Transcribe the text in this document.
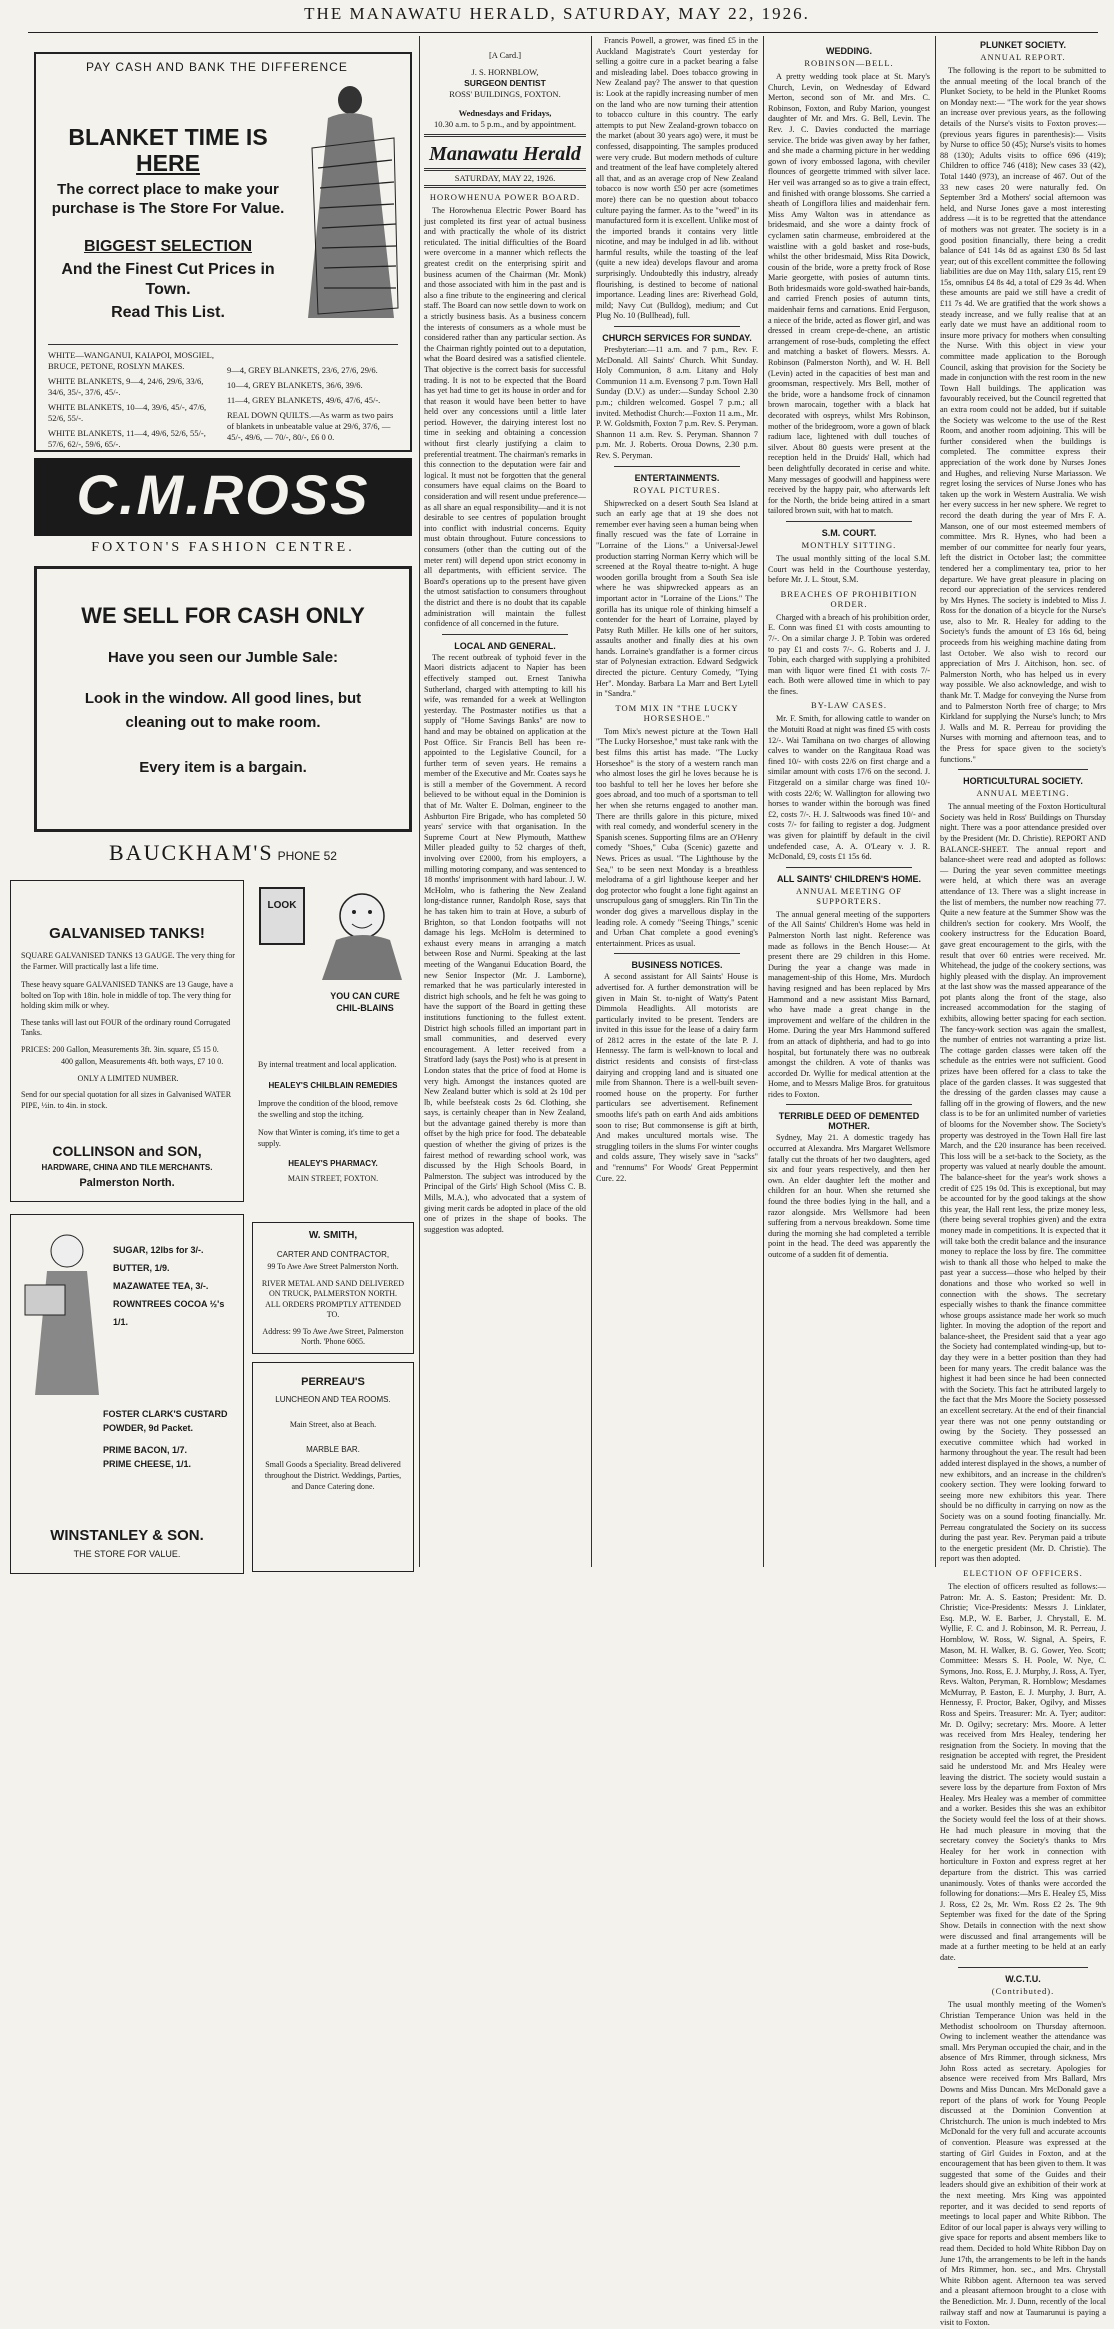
THE MANAWATU HERALD, SATURDAY, MAY 22, 1926.
PAY CASH AND BANK THE DIFFERENCE
BLANKET TIME IS
HERE
The correct place to make your purchase is The Store For Value.
BIGGEST SELECTION
And the Finest Cut Prices in Town.
Read This List.
WHITE—WANGANUI, KAIAPOI, MOSGIEL, BRUCE, PETONE, ROSLYN MAKES.
WHITE BLANKETS, 9—4, 24/6, 29/6, 33/6, 34/6, 35/-, 37/6, 45/-.
WHITE BLANKETS, 10—4, 39/6, 45/-, 47/6, 52/6, 55/-.
WHITE BLANKETS, 11—4, 49/6, 52/6, 55/-, 57/6, 62/-, 59/6, 65/-.
9—4, GREY BLANKETS, 23/6, 27/6, 29/6.
10—4, GREY BLANKETS, 36/6, 39/6.
11—4, GREY BLANKETS, 49/6, 47/6, 45/-.
REAL DOWN QUILTS.—As warm as two pairs of blankets in unbeatable value at 29/6, 37/6, — 45/-, 49/6, — 70/-, 80/-, £6 0 0.
C.M.ROSS Co
FOXTON'S FASHION CENTRE.
WE SELL FOR CASH ONLY
Have you seen our Jumble Sale:
Look in the window. All good lines, but cleaning out to make room.
Every item is a bargain.
BAUCKHAM'S PHONE 52
GALVANISED TANKS!
SQUARE GALVANISED TANKS 13 GAUGE. The very thing for the Farmer. Will practically last a life time.
These heavy square GALVANISED TANKS are 13 Gauge, have a bolted on Top with 18in. hole in middle of top. The very thing for holding skim milk or whey.
These tanks will last out FOUR of the ordinary round Corrugated Tanks.
PRICES: 200 Gallon, Measurements 3ft. 3in. square, £5 15 0.
400 gallon, Measurements 4ft. both ways, £7 10 0.
ONLY A LIMITED NUMBER.
Send for our special quotation for all sizes in Galvanised WATER PIPE, ½in. to 4in. in stock.
COLLINSON and SON,
HARDWARE, CHINA AND TILE MERCHANTS.
Palmerston North.
LOOK
YOU CAN CURE CHIL-BLAINS
By internal treatment and local application.
HEALEY'S CHILBLAIN REMEDIES
Improve the condition of the blood, remove the swelling and stop the itching.
Now that Winter is coming, it's time to get a supply.
HEALEY'S PHARMACY.
MAIN STREET, FOXTON.
SUGAR, 12lbs for 3/-.
BUTTER, 1/9.
MAZAWATEE TEA, 3/-.
ROWNTREES COCOA ½'s 1/1.
FOSTER CLARK'S CUSTARD POWDER, 9d Packet.
PRIME BACON, 1/7.
PRIME CHEESE, 1/1.
WINSTANLEY & SON.
THE STORE FOR VALUE.
W. SMITH,
CARTER AND CONTRACTOR,
99 To Awe Awe Street Palmerston North.
RIVER METAL AND SAND DELIVERED ON TRUCK, PALMERSTON NORTH. ALL ORDERS PROMPTLY ATTENDED TO.
Address: 99 To Awe Awe Street, Palmerston North. 'Phone 6065.
PERREAU'S
LUNCHEON AND TEA ROOMS.
Main Street, also at Beach.
MARBLE BAR.
Small Goods a Speciality. Bread delivered throughout the District. Weddings, Parties, and Dance Catering done.
[A Card.]
J. S. HORNBLOW,
SURGEON DENTIST
ROSS' BUILDINGS, FOXTON.
Wednesdays and Fridays,
10.30 a.m. to 5 p.m., and by appointment.
Manawatu Herald
SATURDAY, MAY 22, 1926.
HOROWHENUA POWER BOARD.

The Horowhenua Electric Power Board has just completed its first year of actual business and with practically the whole of its district reticulated. The initial difficulties of the Board were overcome in a manner which reflects the greatest credit on the enterprising spirit and business acumen of the Chairman (Mr. Monk) and those associated with him in the past and is also a fine tribute to the engineering and clerical staff. The Board can now settle down to work on a strictly business basis. As a business concern the interests of consumers as a whole must be considered rather than any particular section. As the Chairman rightly pointed out to a deputation, what the Board desired was a satisfied clientele. That objective is the correct basis for successful trading. It is not to be expected that the Board has yet had time to get its house in order and for that reason it would have been better to have held over any concessions until a little later period. However, the dairying interest lost no time in seeking and obtaining a concession without first clearly justifying a claim to preferential treatment. The chairman's remarks in this connection to the deputation were fair and logical. It must not be forgotten that the general consumers have equal claims on the Board to consideration and will resent undue preference—as all share an equal responsibility—and it is not desirable to see centres of population brought into conflict with industrial concerns. Equity must obtain throughout. Future concessions to consumers (other than the cutting out of the meter rent) will depend upon strict economy in all departments, with efficient service. The Board's operations up to the present have given the utmost satisfaction to consumers throughout the district and there is no doubt that its capable administration will maintain the fullest confidence of all concerned in the future.

LOCAL AND GENERAL.

The recent outbreak of typhoid fever in the Maori districts adjacent to Napier has been effectively stamped out. Ernest Taniwha Sutherland, charged with attempting to kill his wife, was remanded for a week at Wellington yesterday. The Postmaster notifies us that a supply of "Home Savings Banks" are now to hand and may be obtained on application at the Post Office. Sir Francis Bell has been re-appointed to the Legislative Council, for a further term of seven years. He remains a member of the Executive and Mr. Coates says he is still a member of the Government. A record believed to be without equal in the Dominion is that of Mr. Walter E. Dolman, engineer to the Ashburton Fire Brigade, who has completed 50 years' service with that organisation. In the Supreme Court at New Plymouth, Matthew Miller pleaded guilty to 52 charges of theft, involving over £2000, from his employers, a milling motoring company, and was sentenced to 18 months' imprisonment with hard labour. J. W. McHolm, who is fathering the New Zealand long-distance runner, Randolph Rose, says that he has taken him to train at Hove, a suburb of Brighton, so that London footpaths will not damage his legs. McHolm is determined to exhaust every means in arranging a match between Rose and Nurmi. Speaking at the last meeting of the Wanganui Education Board, the new Senior Inspector (Mr. J. Lamborne), remarked that he was particularly interested in district high schools, and he felt he was going to have the support of the Board in getting these institutions functioning to the fullest extent. District high schools filled an important part in small communities, and deserved every encouragement. A letter received from a Stratford lady (says the Post) who is at present in London states that the price of food at Home is very high. Amongst the instances quoted are New Zealand butter which is sold at 2s 10d per lb, while beefsteak costs 2s 6d. Clothing, she says, is certainly cheaper than in New Zealand, but the advantage gained thereby is more than offset by the high price for food. The debateable question of whether the giving of prizes is the fairest method of rewarding school work, was discussed by the High Schools Board, in Palmerston. The subject was introduced by the Principal of the Girls' High School (Miss C. B. Mills, M.A.), who advocated that a system of giving merit cards be adopted in place of the old one of prizes in the shape of books. The suggestion was adopted.

Francis Powell, a grower, was fined £5 in the Auckland Magistrate's Court yesterday for selling a goitre cure in a packet bearing a false and misleading label. Does tobacco growing in New Zealand pay? The answer to that question is: Look at the rapidly increasing number of men on the land who are now turning their attention to tobacco culture in this country. The early attempts to put New Zealand-grown tobacco on the market (about 30 years ago) were, it must be confessed, disappointing. The samples produced were very crude. But modern methods of culture and treatment of the leaf have completely altered all that, and as an average crop of New Zealand tobacco is now worth £50 per acre (sometimes more) there can be no question about tobacco culture paying the farmer. As to the "weed" in its manufactured form it is excellent. Unlike most of the imported brands it contains very little nicotine, and may be indulged in ad lib. without harmful results, while the toasting of the leaf (quite a new idea) develops flavour and aroma surprisingly. Undoubtedly this industry, already flourishing, is destined to become of national importance. Leading lines are: Riverhead Gold, mild; Navy Cut (Bulldog), medium; and Cut Plug No. 10 (Bullhead), full.

CHURCH SERVICES FOR SUNDAY.

Presbyterian:—11 a.m. and 7 p.m., Rev. F. McDonald. All Saints' Church. Whit Sunday. Holy Communion, 8 a.m. Litany and Holy Communion 11 a.m. Evensong 7 p.m. Town Hall Sunday (D.V.) as under:—Sunday School 2.30 p.m.; children welcomed. Gospel 7 p.m.; all invited. Methodist Church:—Foxton 11 a.m., Mr. P. W. Goldsmith, Foxton 7 p.m. Rev. S. Peryman. Shannon 11 a.m. Rev. S. Peryman. Shannon 7 p.m. Mr. J. Roberts. Oroua Downs, 2.30 p.m. Rev. S. Peryman.

ENTERTAINMENTS.
ROYAL PICTURES.

Shipwrecked on a desert South Sea Island at such an early age that at 19 she does not remember ever having seen a human being when finally rescued was the fate of Lorraine in "Lorraine of the Lions." a Universal-Jewel production starring Norman Kerry which will be screened at the Royal theatre to-night. A huge wooden gorilla brought from a South Sea isle where he was shipwrecked appears as an important actor in "Lorraine of the Lions." The gorilla has its unique role of thinking himself a contender for the heart of Lorraine, played by Patsy Ruth Miller. He kills one of her suitors, assaults another and finally dies at his own hands. Lorraine's grandfather is a former circus star of Polynesian extraction. Edward Sedgwick directed the picture. Century Comedy, "Tying Her". Monday. Barbara La Marr and Bert Lytell in "Sandra."

TOM MIX IN "THE LUCKY HORSESHOE."

Tom Mix's newest picture at the Town Hall "The Lucky Horseshoe," must take rank with the best films this artist has made. "The Lucky Horseshoe" is the story of a western ranch man who almost loses the girl he loves because he is too bashful to tell her he loves her before she goes abroad, and too much of a sportsman to tell her when she returns engaged to another man. There are thrills galore in this picture, mixed with real comedy, and wonderful scenery in the Spanish scenes. Supporting films are an O'Henry comedy "Shoes," Cuba (Scenic) gazette and News. Prices as usual. "The Lighthouse by the Sea," to be seen next Monday is a breathless melodrama of a girl lighthouse keeper and her dog protector who fought a lone fight against an unscrupulous gang of smugglers. Rin Tin Tin the wonder dog gives a marvellous display in the leading role. A comedy "Seeing Things," scenic and Urban Chat complete a good evening's entertainment. Prices as usual.

BUSINESS NOTICES.

A second assistant for All Saints' House is advertised for. A further demonstration will be given in Main St. to-night of Watty's Patent Dimmola Headlights. All motorists are particularly invited to be present. Tenders are invited in this issue for the lease of a dairy farm of 2812 acres in the estate of the late P. J. Hennessy. The farm is well-known to local and district residents and consists of first-class dairying and cropping land and is situated one mile from Shannon. There is a well-built seven-roomed house on the property. For further particulars see advertisement. Refinement smooths life's path on earth And aids ambitions soon to rise; But commonsense is gift at birth, And makes uncultured mortals wise. The struggling toilers in the slums For winter coughs and colds assure, They wisely save in "sacks" and "rennums" For Woods' Great Peppermint Cure. 22.

WEDDING.
ROBINSON—BELL.

A pretty wedding took place at St. Mary's Church, Levin, on Wednesday of Edward Merton, second son of Mr. and Mrs. C. Robinson, Foxton, and Ruby Marion, youngest daughter of Mr. and Mrs. G. Bell, Levin. The Rev. J. C. Davies conducted the marriage service. The bride was given away by her father, and she made a charming picture in her wedding gown of ivory embossed lagona, with cheviler flounces of georgette trimmed with silver lace. Her veil was arranged so as to give a train effect, and finished with orange blossoms. She carried a sheath of Longiflora lilies and maidenhair fern. Miss Amy Walton was in attendance as bridesmaid, and she wore a dainty frock of cyclamen satin charmeuse, embroidered at the waistline with a gold basket and rose-buds, whilst the other bridesmaid, Miss Rita Dowick, cousin of the bride, wore a pretty frock of Rose Marie georgette, with posies of autumn tints. Both bridesmaids wore gold-swathed hair-bands, and carried French posies of autumn tints, maidenhair ferns and carnations. Enid Ferguson, a niece of the bride, acted as flower girl, and was dressed in cream crepe-de-chene, an artistic arrangement of rose-buds, completing the effect and matching a basket of flowers. Messrs. A. Robinson (Palmerston North), and W. H. Bell (Levin) acted in the capacities of best man and groomsman, respectively. Mrs Bell, mother of the bride, wore a handsome frock of cinnamon brown marocain, together with a black hat decorated with ospreys, whilst Mrs Robinson, mother of the bridegroom, wore a gown of black radium lace, lightened with dull touches of silver. About 80 guests were present at the reception held in the Druids' Hall, which had been delightfully decorated in cerise and white. Many messages of goodwill and happiness were received by the happy pair, who afterwards left for the North, the bride being attired in a smart tailored brown suit, with hat to match.

S.M. COURT.
MONTHLY SITTING.

The usual monthly sitting of the local S.M. Court was held in the Courthouse yesterday, before Mr. J. L. Stout, S.M.

BREACHES OF PROHIBITION ORDER.

Charged with a breach of his prohibition order, E. Conn was fined £1 with costs amounting to 7/-. On a similar charge J. P. Tobin was ordered to pay £1 and costs 7/-. G. Roberts and J. J. Tobin, each charged with supplying a prohibited man with liquor were fined £1 with costs 7/- each. Both were allowed time in which to pay the fines.

BY-LAW CASES.

Mr. F. Smith, for allowing cattle to wander on the Motuiti Road at night was fined £5 with costs 12/-. Wai Tamihana on two charges of allowing calves to wander on the Rangitaua Road was fined 10/- with costs 22/6 on first charge and a similar amount with costs 17/6 on the second. J. Fitzgerald on a similar charge was fined 10/- with costs 22/6; W. Wallington for allowing two horses to wander within the borough was fined £2, costs 7/-. H. J. Saltwoods was fined 10/- and costs 7/- for failing to register a dog. Judgment was given for plaintiff by default in the civil undefended case, A. A. O'Leary v. J. R. McDonald, £9, costs £1 15s 6d.

ALL SAINTS' CHILDREN'S HOME.
ANNUAL MEETING OF SUPPORTERS.

The annual general meeting of the supporters of the All Saints' Children's Home was held in Palmerston North last night. Reference was made as follows in the Bench House:— At present there are 29 children in this Home. During the year a change was made in management-ship of this Home, Mrs. Murdoch having resigned and has been replaced by Mrs Hammond and a new assistant Miss Barnard, who have made a great change in the improvement and welfare of the children in the Home. During the year Mrs Hammond suffered from an attack of diphtheria, and had to go into hospital, but fortunately there was no outbreak amongst the children. A vote of thanks was accorded Dr. Wyllie for medical attention at the Home, and to Messrs Malige Bros. for gratuitous rides to Foxton.

TERRIBLE DEED OF DEMENTED MOTHER.

Sydney, May 21. A domestic tragedy has occurred at Alexandra. Mrs Margaret Wellsmore fatally cut the throats of her two daughters, aged six and four years respectively, and then her own. An elder daughter left the mother and children for an hour. When she returned she found the three bodies lying in the hall, and a razor alongside. Mrs Wellsmore had been suffering from a nervous breakdown. Some time during the morning she had completed a terrible point in the head. The deed was apparently the outcome of a sudden fit of dementia.

PLUNKET SOCIETY.
ANNUAL REPORT.

The following is the report to be submitted to the annual meeting of the local branch of the Plunket Society, to be held in the Plunket Rooms on Monday next:— "The work for the year shows an increase over previous years, as the following details of the Nurse's visits to Foxton proves:—(previous years figures in parenthesis):— Visits by Nurse to office 50 (45); Nurse's visits to homes 88 (130); Adults visits to office 696 (419); Children to office 746 (418); New cases 33 (42), Total 1440 (973), an increase of 467. Out of the 33 new cases 20 were naturally fed. On September 3rd a Mothers' social afternoon was held, and Nurse Jones gave a most interesting address —it is to be regretted that the attendance of mothers was not greater. The society is in a good position financially, there being a credit balance of £41 14s 8d as against £30 8s 5d last year; out of this excellent committee the following liabilities are due on May 11th, salary £15, rent £9 15s, omnibus £4 8s 4d, a total of £29 3s 4d. When these amounts are paid we still have a credit of £11 7s 4d. We are gratified that the work shows a steady increase, and we fully realise that at an early date we must have an additional room to insure more privacy for mothers when consulting the Nurse. With this object in view your committee made application to the Borough Council, asking that provision for the Society be made in conjunction with the rest room in the new Town Hall buildings. The application was favourably received, but the Council regretted that an extra room could not be added, but if suitable the Society was welcome to the use of the Rest Room, and another room adjoining. This will be further considered when the buildings is completed. The committee express their appreciation of the work done by Nurses Jones and Hughes, and relieving Nurse Mariasson. We regret losing the services of Nurse Jones who has taken up the work in Western Australia. We wish her every success in her new sphere. We regret to record the death during the year of Mrs F. A. Manson, one of our most esteemed members of committee. Mrs R. Hynes, who had been a member of our committee for nearly four years, left the district in October last; the committee tendered her a complimentary tea, prior to her departure. We have great pleasure in placing on record our appreciation of the services rendered by Mrs Hynes. The society is indebted to Miss J. Ross for the donation of a bicycle for the Nurse's use, also to Mr. R. Healey for adding to the Society's funds the amount of £3 16s 6d, being proceeds from his weighing machine dating from last October. We also wish to record our appreciation of Mrs J. Aitchison, hon. sec. of Palmerston North, who has helped us in every way possible. We also acknowledge, and wish to thank Mr. T. Madge for conveying the Nurse from and to Palmerston North free of charge; to Mrs Kirkland for supplying the Nurse's lunch; to Mrs J. Walls and M. R. Perreau for providing the Nurses with morning and afternoon teas, and to the Press for space given to the society's functions."

HORTICULTURAL SOCIETY.
ANNUAL MEETING.

The annual meeting of the Foxton Horticultural Society was held in Ross' Buildings on Thursday night. There was a poor attendance presided over by the President (Mr. D. Christie). REPORT AND BALANCE-SHEET. The annual report and balance-sheet were read and adopted as follows:— During the year seven committee meetings were held, at which there was an average attendance of 13. There was a slight increase in the list of members, the number now reaching 77. Quite a new feature at the Summer Show was the children's section for cookery. Mrs Woolf, the cookery instructress for the Education Board, gave great encouragement to the girls, with the result that over 60 entries were received. Mr. Whitehead, the judge of the cookery sections, was highly pleased with the display. An improvement at the last show was the massed appearance of the pot plants along the front of the stage, also increased accommodation for the staging of exhibits, allowing better spacing for each section. The fancy-work section was again the smallest, the number of entries not warranting a prize list. The cottage garden classes were taken off the schedule as the entries were not sufficient. Good prizes have been offered for a class to take the place of the garden classes. It was suggested that the dressing of the garden classes may cause a falling off in the growing of flowers, and the new class is to be for an unlimited number of varieties of blooms for the November show. The Society's property was destroyed in the Town Hall fire last March, and the £20 insurance has been received. This loss will be a set-back to the Society, as the property was valued at nearly double the amount. The balance-sheet for the year's work shows a credit of £25 19s 0d. This is exceptional, but may be accounted for by the good takings at the show this year, the Hall rent less, the prize money less, (there being several trophies given) and the extra money made in competitions. It is expected that it will take both the credit balance and the insurance money to replace the loss by fire. The committee wish to thank all those who helped to make the past year a success—those who helped by their donations and those who worked so well in connection with the shows. The secretary especially wishes to thank the finance committee whose groups assistance made her work so much lighter. In moving the adoption of the report and balance-sheet, the President said that a year ago the Society had contemplated winding-up, but to-day they were in a better position than they had been for many years. The credit balance was the highest it had been since he had been connected with the Society. This fact he attributed largely to the fact that the Mrs Moore the Society possessed an excellent secretary. At the end of their financial year there was not one penny outstanding or owing by the Society. They possessed an executive committee which had worked in harmony throughout the year. The result had been added interest displayed in the shows, a number of new exhibitors, and an increase in the children's cookery section. They were looking forward to seeing more new exhibitors this year. There should be no difficulty in carrying on now as the Society was on a sound footing financially. Mr. Perreau congratulated the Society on its success during the past year. Rev. Peryman paid a tribute to the energetic president (Mr. D. Christie). The report was then adopted.

ELECTION OF OFFICERS.

The election of officers resulted as follows:—Patron: Mr. A. S. Easton; President: Mr. D. Christie; Vice-Presidents: Messrs J. Linklater, Esq. M.P., W. E. Barber, J. Chrystall, E. M. Wyllie, F. C. and J. Robinson, M. R. Perreau, J. Hornblow, W. Ross, W. Signal, A. Speirs, F. Mason, M. H. Walker, B. G. Gower, Yeo. Scott; Committee: Messrs S. H. Poole, W. Nye, C. Symons, Jno. Ross, E. J. Murphy, J. Ross, A. Tyer, Revs. Walton, Peryman, R. Hornblow; Mesdames McMurray, P. Easton, E. J. Murphy, J. Burr, A. Hennessy, F. Proctor, Baker, Ogilvy, and Misses Ross and Speirs. Treasurer: Mr. A. Tyer; auditor: Mr. D. Ogilvy; secretary: Mrs. Moore. A letter was received from Mrs Healey, tendering her resignation from the Society. In moving that the resignation be accepted with regret, the President said he understood Mr. and Mrs Healey were leaving the district. The society would sustain a severe loss by the departure from Foxton of Mrs Healey. Mrs Healey was a member of committee and a worker. Besides this she was an exhibitor the Society would feel the loss of at their shows. He had much pleasure in moving that the secretary convey the Society's thanks to Mrs Healey for her work in connection with horticulture in Foxton and express regret at her departure from the district. This was carried unanimously. Votes of thanks were accorded the following for donations:—Mrs E. Healey £5, Miss J. Ross, £2 2s, Mr. Wm. Ross £2 2s. The 9th September was fixed for the date of the Spring Show. Details in connection with the next show were discussed and final arrangements will be made at a further meeting to be held at an early date.

W.C.T.U.
(Contributed).

The usual monthly meeting of the Women's Christian Temperance Union was held in the Methodist schoolroom on Thursday afternoon. Owing to inclement weather the attendance was small. Mrs Peryman occupied the chair, and in the absence of Mrs Rimmer, through sickness, Mrs John Ross acted as secretary. Apologies for absence were received from Mrs Ballard, Mrs Downs and Miss Duncan. Mrs McDonald gave a report of the plans of work for Young People discussed at the Dominion Convention at Christchurch. The union is much indebted to Mrs McDonald for the very full and accurate accounts of convention. Pleasure was expressed at the starting of Girl Guides in Foxton, and at the encouragement that has been given to them. It was suggested that some of the Guides and their leaders should give an exhibition of their work at the next meeting. Mrs King was appointed reporter, and it was decided to send reports of meetings to local paper and White Ribbon. The Editor of our local paper is always very willing to give space for reports and absent members like to read them. Decided to hold White Ribbon Day on June 17th, the arrangements to be left in the hands of Mrs Rimmer, hon. sec., and Mrs. Chrystall White Ribbon agent. Afternoon tea was served and a pleasant afternoon brought to a close with the Benediction. Mr. J. Dunn, recently of the local railway staff and now at Taumarunui is paying a visit to Foxton.
